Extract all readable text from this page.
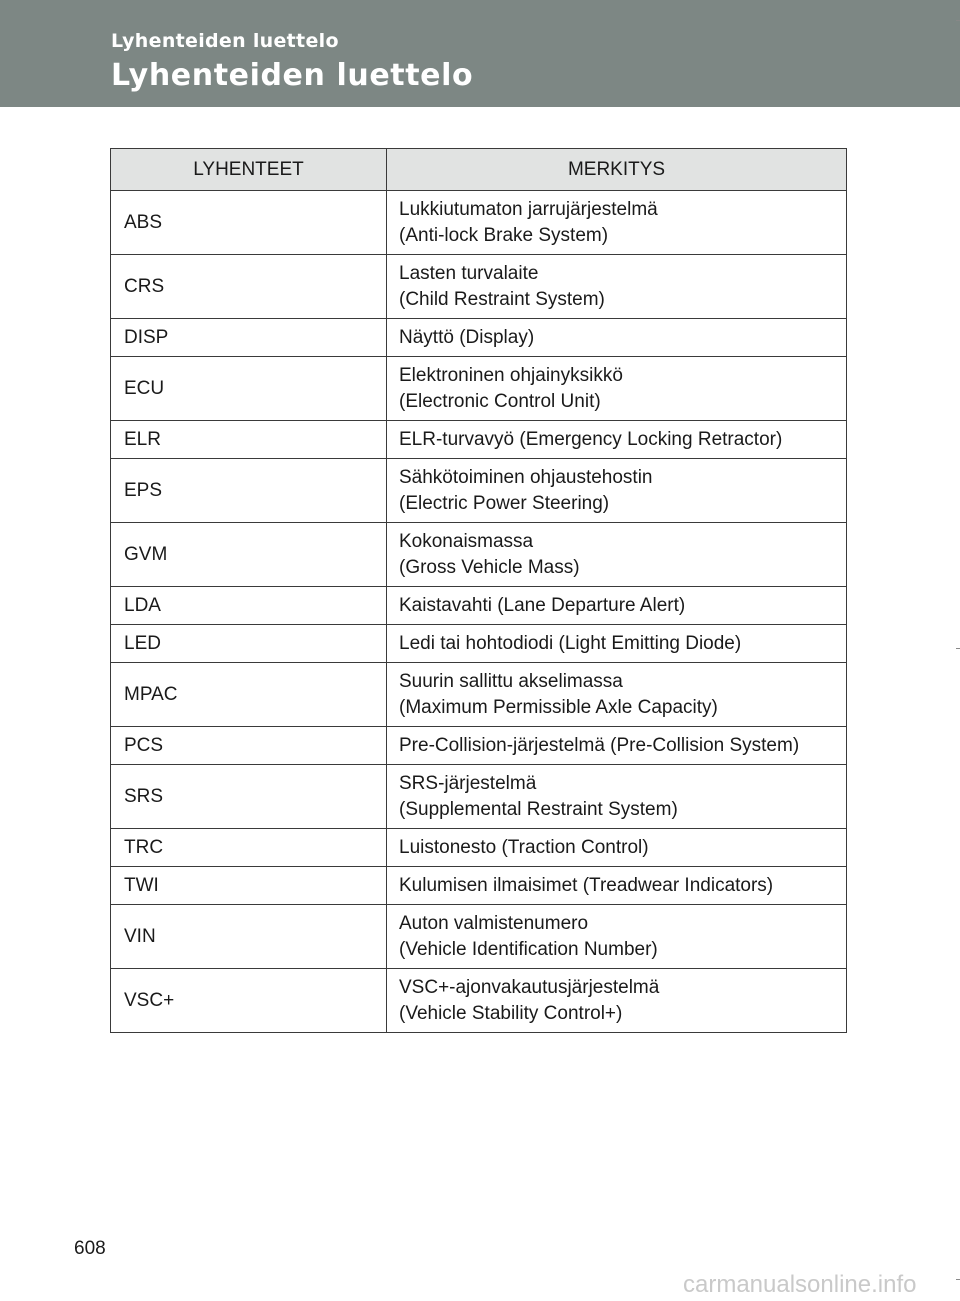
Lyhenteiden luettelo
Lyhenteiden luettelo
LYHENTEET	MERKITYS
ABS	Lukkiutumaton jarrujärjestelmä
(Anti-lock Brake System)

CRS	Lasten turvalaite
(Child Restraint System)

DISP	Näyttö (Display)

ECU	Elektroninen ohjainyksikkö
(Electronic Control Unit)

ELR	ELR-turvavyö (Emergency Locking Retractor)

EPS	Sähkötoiminen ohjaustehostin
(Electric Power Steering)

GVM	Kokonaismassa
(Gross Vehicle Mass)

LDA	Kaistavahti (Lane Departure Alert)

LED	Ledi tai hohtodiodi (Light Emitting Diode)

MPAC	Suurin sallittu akselimassa
(Maximum Permissible Axle Capacity)

PCS	Pre-Collision-järjestelmä (Pre-Collision System)

SRS	SRS-järjestelmä
(Supplemental Restraint System)

TRC	Luistonesto (Traction Control)

TWI	Kulumisen ilmaisimet (Treadwear Indicators)

VIN	Auton valmistenumero
(Vehicle Identification Number)

VSC+	VSC+-ajonvakautusjärjestelmä
(Vehicle Stability Control+)
608
carmanualsonline.info
